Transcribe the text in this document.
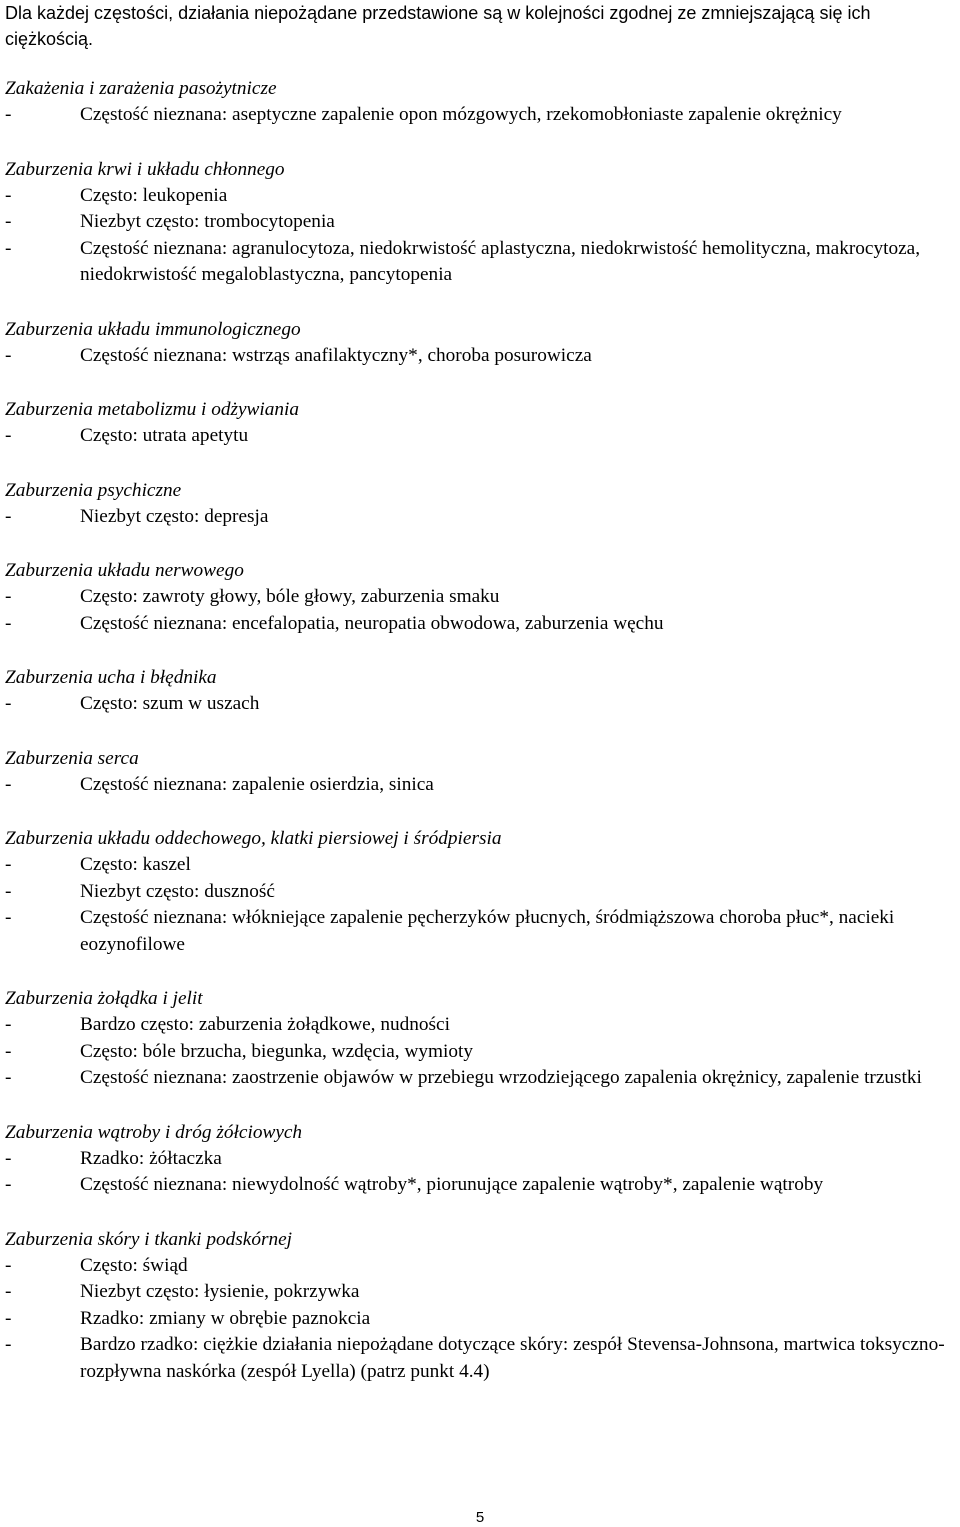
Dla każdej częstości, działania niepożądane przedstawione są w kolejności zgodnej ze zmniejszającą się ich ciężkością.
Zakażenia i zarażenia pasożytnicze
-	Częstość nieznana: aseptyczne zapalenie opon mózgowych, rzekomobłoniaste zapalenie okrężnicy
Zaburzenia krwi i układu chłonnego
-	Często: leukopenia
-	Niezbyt często: trombocytopenia
-	Częstość nieznana: agranulocytoza, niedokrwistość aplastyczna, niedokrwistość hemolityczna, makrocytoza, niedokrwistość megaloblastyczna, pancytopenia
Zaburzenia układu immunologicznego
-	Częstość nieznana: wstrząs anafilaktyczny*, choroba posurowicza
Zaburzenia metabolizmu i odżywiania
-	Często: utrata apetytu
Zaburzenia psychiczne
-	Niezbyt często: depresja
Zaburzenia układu nerwowego
-	Często: zawroty głowy, bóle głowy, zaburzenia smaku
-	Częstość nieznana: encefalopatia, neuropatia obwodowa, zaburzenia węchu
Zaburzenia ucha i błędnika
-	Często: szum w uszach
Zaburzenia serca
-	Częstość nieznana: zapalenie osierdzia, sinica
Zaburzenia układu oddechowego, klatki piersiowej i śródpiersia
-	Często: kaszel
-	Niezbyt często: duszność
-	Częstość nieznana: włókniejące zapalenie pęcherzyków płucnych, śródmiąższowa choroba płuc*, nacieki eozynofilowe
Zaburzenia żołądka i jelit
-	Bardzo często: zaburzenia żołądkowe, nudności
-	Często: bóle brzucha, biegunka, wzdęcia, wymioty
-	Częstość nieznana: zaostrzenie objawów w przebiegu wrzodziejącego zapalenia okrężnicy, zapalenie trzustki
Zaburzenia wątroby i dróg żółciowych
-	Rzadko: żółtaczka
-	Częstość nieznana: niewydolność wątroby*, piorunujące zapalenie wątroby*, zapalenie wątroby
Zaburzenia skóry i tkanki podskórnej
-	Często: świąd
-	Niezbyt często: łysienie, pokrzywka
-	Rzadko: zmiany w obrębie paznokcia
-	Bardzo rzadko: ciężkie działania niepożądane dotyczące skóry: zespół Stevensa-Johnsona, martwica toksyczno-rozpływna naskórka (zespół Lyella) (patrz punkt 4.4)
5
